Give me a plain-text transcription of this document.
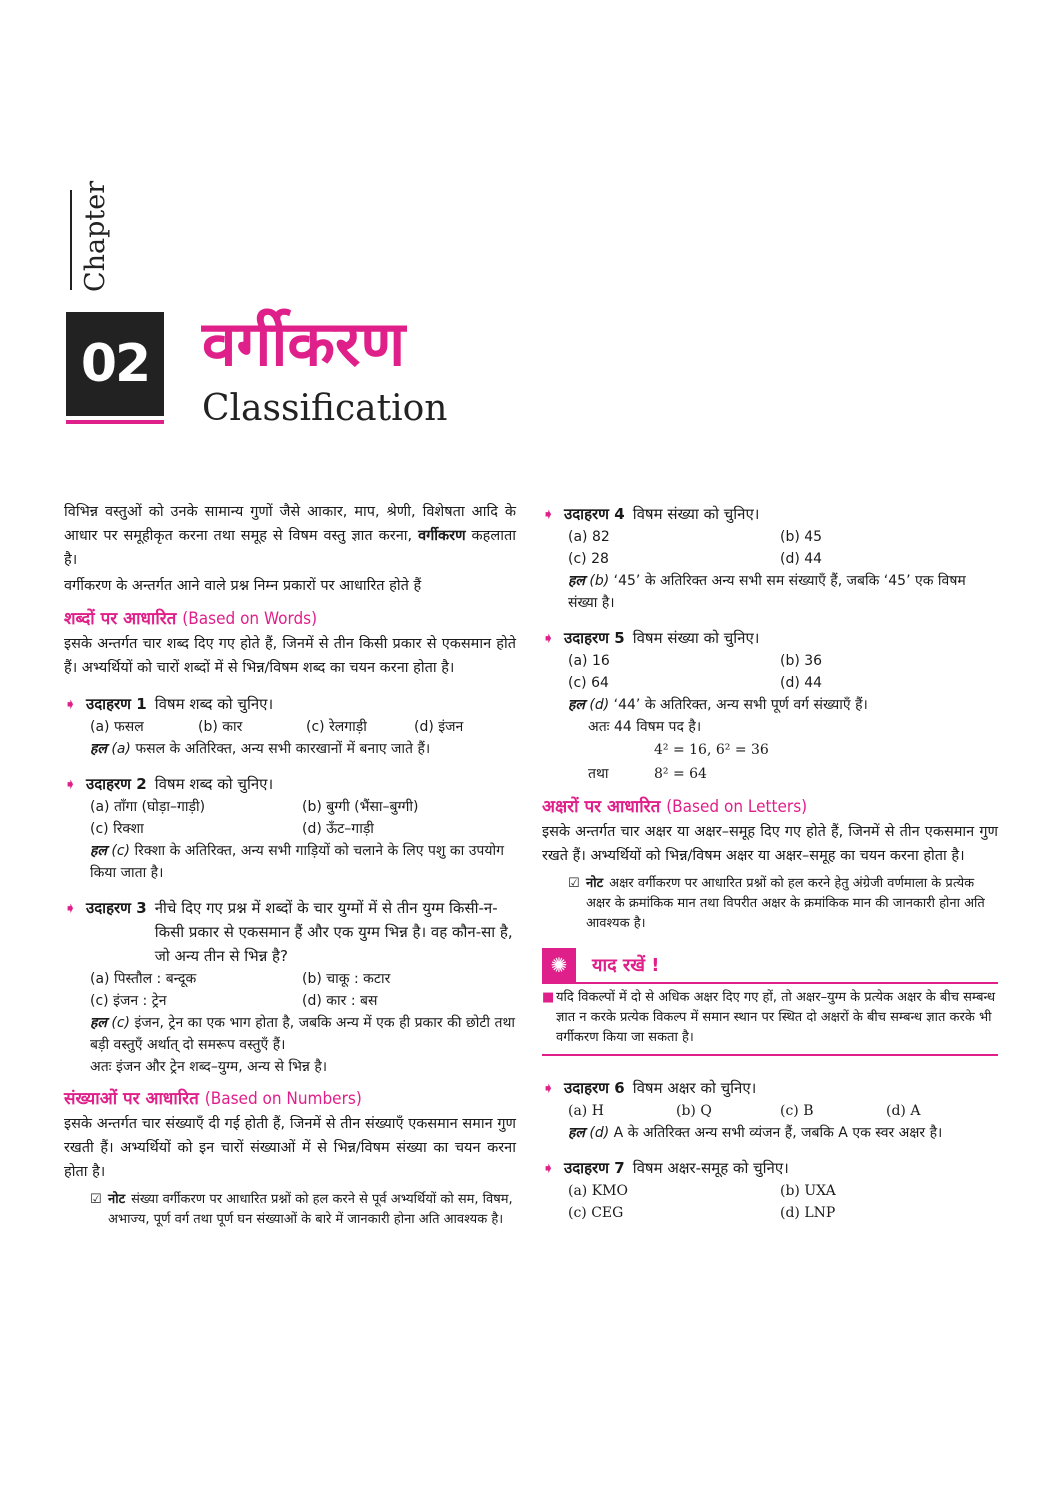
Chapter
02 वर्गीकरण
Classification

विभिन्न वस्तुओं को उनके सामान्य गुणों जैसे आकार, माप, श्रेणी, विशेषता आदि के आधार पर समूहीकृत करना तथा समूह से विषम वस्तु ज्ञात करना, वर्गीकरण कहलाता है।

वर्गीकरण के अन्तर्गत आने वाले प्रश्न निम्न प्रकारों पर आधारित होते हैं

शब्दों पर आधारित (Based on Words)

इसके अन्तर्गत चार शब्द दिए गए होते हैं, जिनमें से तीन किसी प्रकार से एकसमान होते हैं। अभ्यर्थियों को चारों शब्दों में से भिन्न/विषम शब्द का चयन करना होता है।

➧ उदाहरण 1 विषम शब्द को चुनिए।
(a) फसल	(b) कार	(c) रेलगाड़ी	(d) इंजन
हल (a) फसल के अतिरिक्त, अन्य सभी कारखानों में बनाए जाते हैं।
➧ उदाहरण 2 विषम शब्द को चुनिए।
(a) ताँगा (घोड़ा–गाड़ी)	(b) बुग्गी (भैंसा–बुग्गी)
(c) रिक्शा	(d) ऊँट–गाड़ी
हल (c) रिक्शा के अतिरिक्त, अन्य सभी गाड़ियों को चलाने के लिए पशु का उपयोग किया जाता है।
➧ उदाहरण 3 नीचे दिए गए प्रश्न में शब्दों के चार युग्मों में से तीन युग्म किसी-न-किसी प्रकार से एकसमान हैं और एक युग्म भिन्न है। वह कौन-सा है, जो अन्य तीन से भिन्न है?
(a) पिस्तौल : बन्दूक	(b) चाकू : कटार
(c) इंजन : ट्रेन	(d) कार : बस
हल (c) इंजन, ट्रेन का एक भाग होता है, जबकि अन्य में एक ही प्रकार की छोटी तथा बड़ी वस्तुएँ अर्थात् दो समरूप वस्तुएँ हैं।
अतः इंजन और ट्रेन शब्द–युग्म, अन्य से भिन्न है।
संख्याओं पर आधारित (Based on Numbers)

इसके अन्तर्गत चार संख्याएँ दी गई होती हैं, जिनमें से तीन संख्याएँ एकसमान समान गुण रखती हैं। अभ्यर्थियों को इन चारों संख्याओं में से भिन्न/विषम संख्या का चयन करना होता है।

☑ नोट संख्या वर्गीकरण पर आधारित प्रश्नों को हल करने से पूर्व अभ्यर्थियों को सम, विषम, अभाज्य, पूर्ण वर्ग तथा पूर्ण घन संख्याओं के बारे में जानकारी होना अति आवश्यक है।
➧ उदाहरण 4 विषम संख्या को चुनिए।
(a) 82	(b) 45
(c) 28	(d) 44
हल (b) ‘45’ के अतिरिक्त अन्य सभी सम संख्याएँ हैं, जबकि ‘45’ एक विषम संख्या है।
➧ उदाहरण 5 विषम संख्या को चुनिए।
(a) 16	(b) 36
(c) 64	(d) 44
हल (d) ‘44’ के अतिरिक्त, अन्य सभी पूर्ण वर्ग संख्याएँ हैं।
अतः 44 विषम पद है।
4² = 16, 6² = 36
तथा	8² = 64
अक्षरों पर आधारित (Based on Letters)

इसके अन्तर्गत चार अक्षर या अक्षर–समूह दिए गए होते हैं, जिनमें से तीन एकसमान गुण रखते हैं। अभ्यर्थियों को भिन्न/विषम अक्षर या अक्षर–समूह का चयन करना होता है।

☑ नोट अक्षर वर्गीकरण पर आधारित प्रश्नों को हल करने हेतु अंग्रेजी वर्णमाला के प्रत्येक अक्षर के क्रमांकिक मान तथा विपरीत अक्षर के क्रमांकिक मान की जानकारी होना अति आवश्यक है।
✺	याद रखें !
■ यदि विकल्पों में दो से अधिक अक्षर दिए गए हों, तो अक्षर–युग्म के प्रत्येक अक्षर के बीच सम्बन्ध ज्ञात न करके प्रत्येक विकल्प में समान स्थान पर स्थित दो अक्षरों के बीच सम्बन्ध ज्ञात करके भी वर्गीकरण किया जा सकता है।
➧ उदाहरण 6 विषम अक्षर को चुनिए।
(a) H	(b) Q	(c) B	(d) A
हल (d) A के अतिरिक्त अन्य सभी व्यंजन हैं, जबकि A एक स्वर अक्षर है।
➧ उदाहरण 7 विषम अक्षर-समूह को चुनिए।
(a) KMO	(b) UXA
(c) CEG	(d) LNP
